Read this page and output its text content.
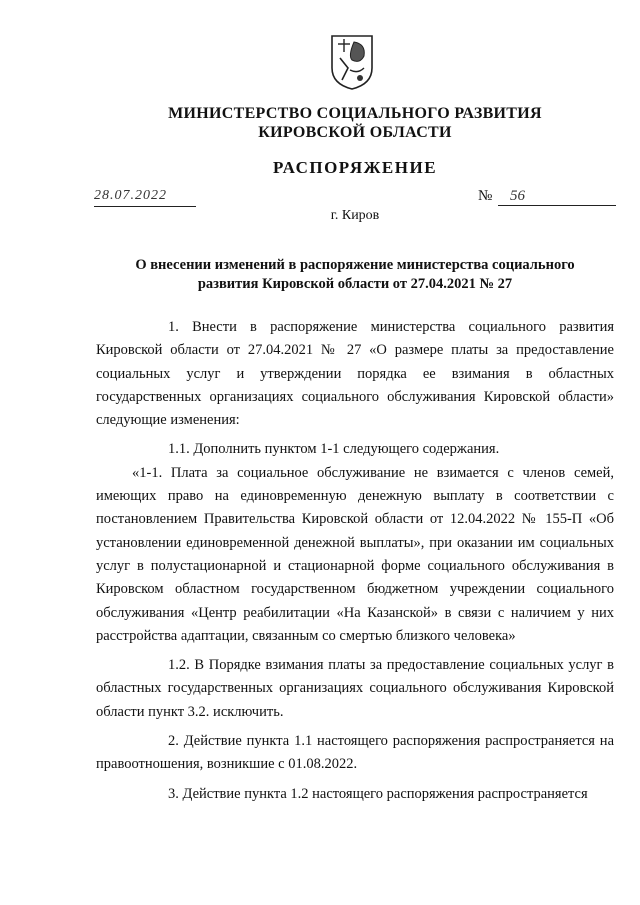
МИНИСТЕРСТВО СОЦИАЛЬНОГО РАЗВИТИЯ
КИРОВСКОЙ ОБЛАСТИ
РАСПОРЯЖЕНИЕ
28.07.2022	№	56
г. Киров
О внесении изменений в распоряжение министерства социального
развития Кировской области от 27.04.2021 № 27

1. Внести в распоряжение министерства социального развития Кировской области от 27.04.2021 № 27 «О размере платы за предоставление социальных услуг и утверждении порядка ее взимания в областных государственных организациях социального обслуживания Кировской области» следующие изменения:

1.1. Дополнить пунктом 1-1 следующего содержания.

«1-1. Плата за социальное обслуживание не взимается с членов семей, имеющих право на единовременную денежную выплату в соответствии с постановлением Правительства Кировской области от 12.04.2022 № 155-П «Об установлении единовременной денежной выплаты», при оказании им социальных услуг в полустационарной и стационарной форме социального обслуживания в Кировском областном государственном бюджетном учреждении социального обслуживания «Центр реабилитации «На Казанской» в связи с наличием у них расстройства адаптации, связанным со смертью близкого человека»

1.2. В Порядке взимания платы за предоставление социальных услуг в областных государственных организациях социального обслуживания Кировской области пункт 3.2. исключить.

2. Действие пункта 1.1 настоящего распоряжения распространяется на правоотношения, возникшие с 01.08.2022.

3. Действие пункта 1.2 настоящего распоряжения распространяется
